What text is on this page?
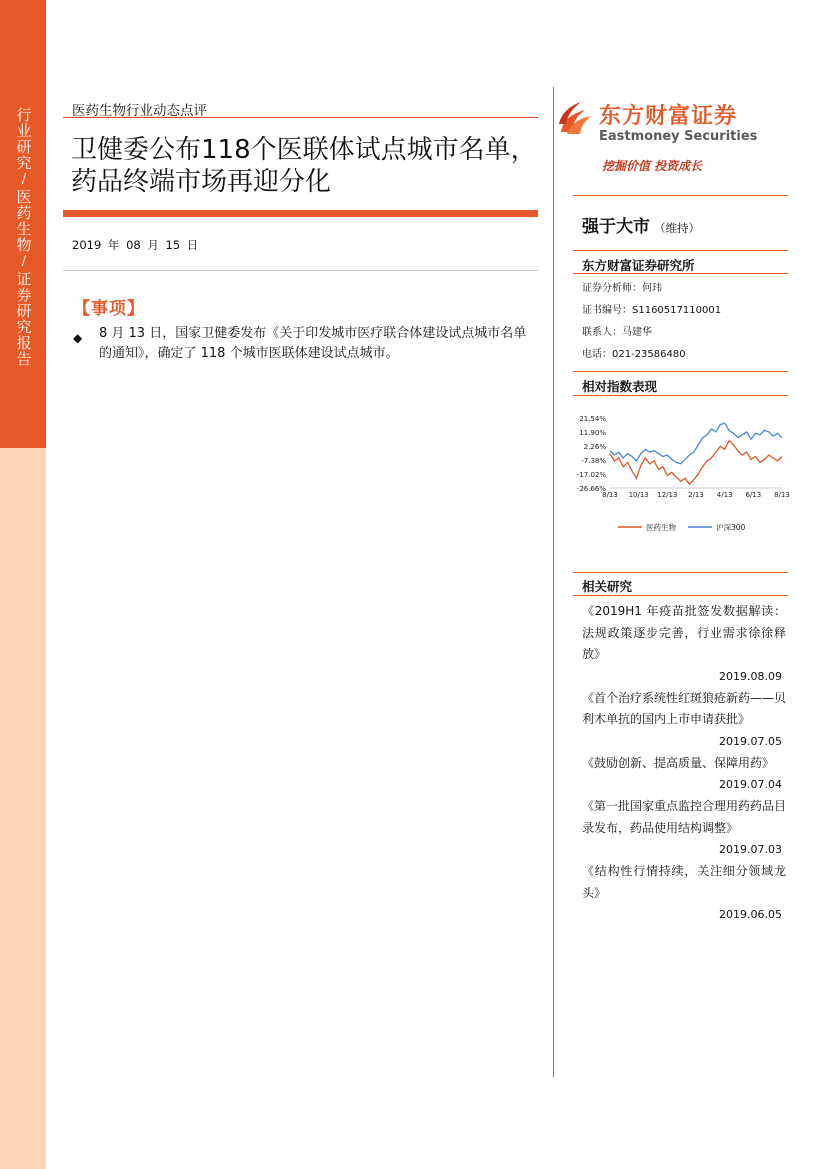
行业研究
/
医药生物
/
证券研究报告
医药生物行业动态点评
卫健委公布118个医联体试点城市名单，药品终端市场再迎分化
2019 年 08 月 15 日
【事项】
◆ 8 月 13 日，国家卫健委发布《关于印发城市医疗联合体建设试点城市名单的通知》，确定了 118 个城市医联体建设试点城市。
东方财富证券
Eastmoney Securities
挖掘价值 投资成长
强于大市 （维持）
东方财富证券研究所
证券分析师：何玮
证书编号：S1160517110001
联系人：马建华
电话：021-23586480
相对指数表现
21.54%
11.90%
2.26%
-7.38%
-17.02%
-26.66%
8/13 10/13 12/13 2/13 4/13 6/13 8/13
医药生物	沪深300
相关研究
《2019H1 年疫苗批签发数据解读：法规政策逐步完善，行业需求徐徐释放》
2019.08.09
《首个治疗系统性红斑狼疮新药——贝利木单抗的国内上市申请获批》
2019.07.05
《鼓励创新、提高质量、保障用药》
2019.07.04
《第一批国家重点监控合理用药药品目录发布，药品使用结构调整》
2019.07.03
《结构性行情持续，关注细分领域龙头》
2019.06.05
